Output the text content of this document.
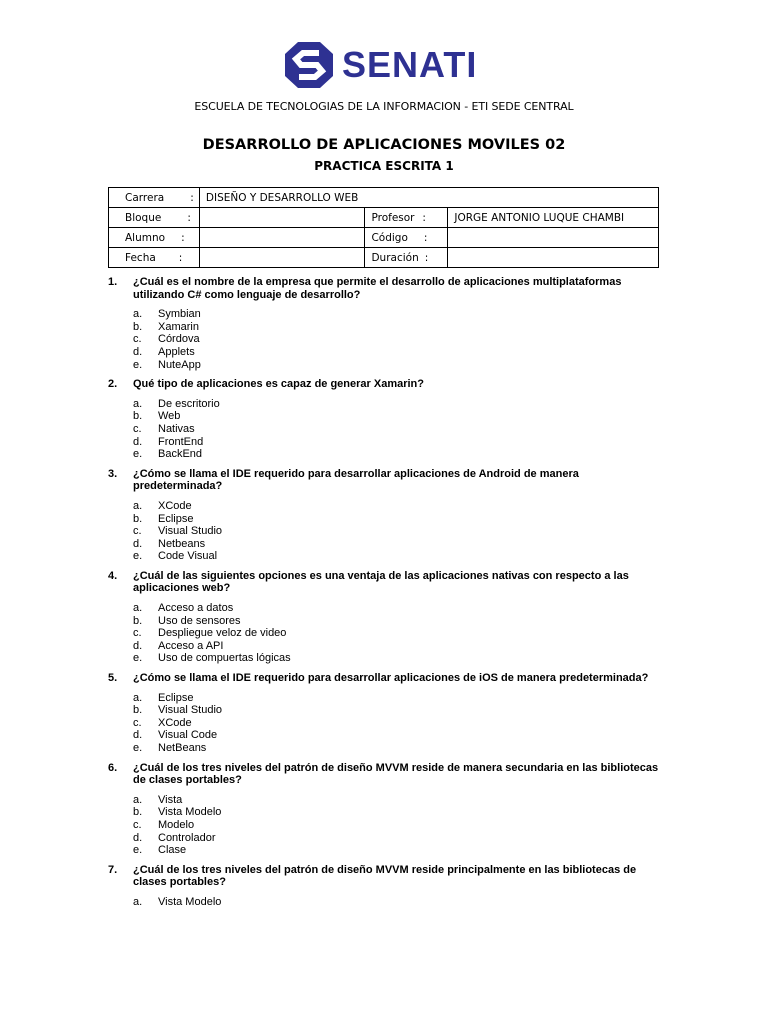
SENATI
ESCUELA DE TECNOLOGIAS DE LA INFORMACION - ETI SEDE CENTRAL
DESARROLLO DE APLICACIONES MOVILES 02
PRACTICA ESCRITA 1
Carrera :	DISEÑO Y DESARROLLO WEB		
Bloque :		Profesor :	JORGE ANTONIO LUQUE CHAMBI
Alumno :		Código :	
Fecha :		Duración :	
1.	¿Cuál es el nombre de la empresa que permite el desarrollo de aplicaciones multiplataformas utilizando C# como lenguaje de desarrollo?
a.	Symbian
b.	Xamarin
c.	Córdova
d.	Applets
e.	NuteApp
2.	Qué tipo de aplicaciones es capaz de generar Xamarin?
a.	De escritorio
b.	Web
c.	Nativas
d.	FrontEnd
e.	BackEnd
3.	¿Cómo se llama el IDE requerido para desarrollar aplicaciones de Android de manera predeterminada?
a.	XCode
b.	Eclipse
c.	Visual Studio
d.	Netbeans
e.	Code Visual
4.	¿Cuál de las siguientes opciones es una ventaja de las aplicaciones nativas con respecto a las aplicaciones web?
a.	Acceso a datos
b.	Uso de sensores
c.	Despliegue veloz de video
d.	Acceso a API
e.	Uso de compuertas lógicas
5.	¿Cómo se llama el IDE requerido para desarrollar aplicaciones de iOS de manera predeterminada?
a.	Eclipse
b.	Visual Studio
c.	XCode
d.	Visual Code
e.	NetBeans
6.	¿Cuál de los tres niveles del patrón de diseño MVVM reside de manera secundaria en las bibliotecas de clases portables?
a.	Vista
b.	Vista Modelo
c.	Modelo
d.	Controlador
e.	Clase
7.	¿Cuál de los tres niveles del patrón de diseño MVVM reside principalmente en las bibliotecas de clases portables?
a.	Vista Modelo
